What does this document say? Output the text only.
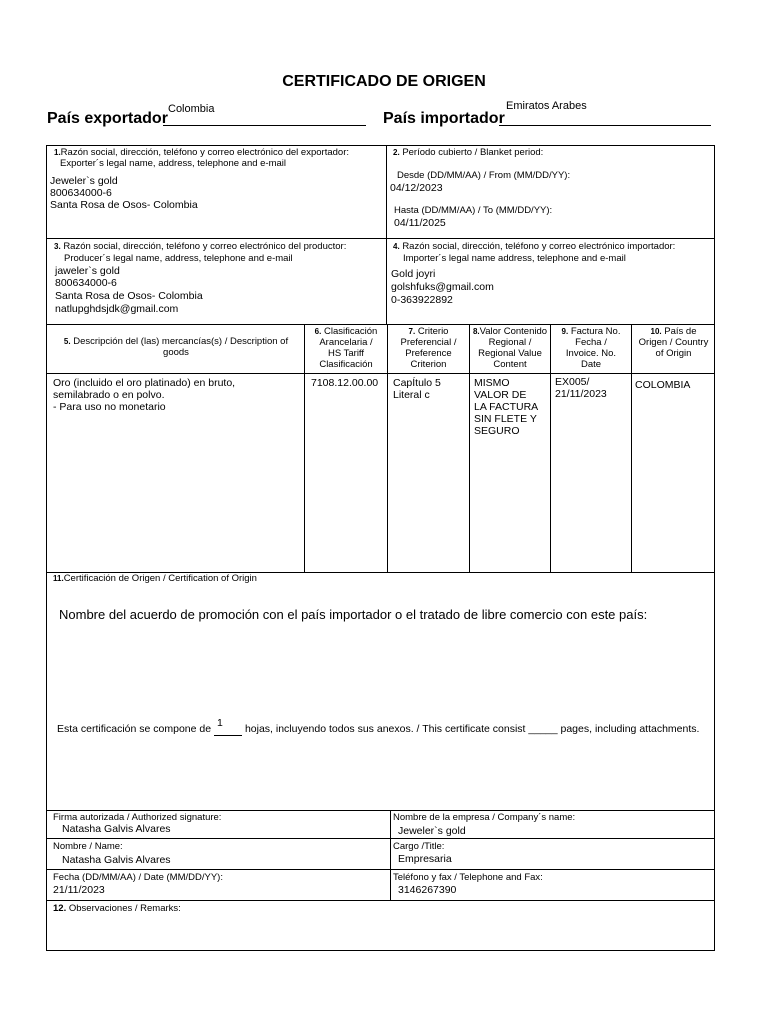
CERTIFICADO DE ORIGEN
País exportador
Colombia
País importador
Emiratos Arabes
1.Razón social, dirección, teléfono y correo electrónico del exportador:
Exporter´s legal name, address, telephone and e-mail
Jeweler`s gold
800634000-6
Santa Rosa de Osos- Colombia
2. Período cubierto / Blanket period:
Desde (DD/MM/AA) / From (MM/DD/YY):
04/12/2023
Hasta (DD/MM/AA) / To (MM/DD/YY):
04/11/2025
3. Razón social, dirección, teléfono y correo electrónico del productor:
Producer´s legal name, address, telephone and e-mail
jaweler`s gold
800634000-6
Santa Rosa de Osos- Colombia
natlupghdsjdk@gmail.com
4. Razón social, dirección, teléfono y correo electrónico importador:
Importer´s legal name address, telephone and e-mail
Gold joyri
golshfuks@gmail.com
0-363922892
5. Descripción del (las) mercancías(s) / Description of goods
6. Clasificación
Arancelaria /
HS Tariff
Clasificación
7. Criterio
Preferencial /
Preference
Criterion
8.Valor Contenido
Regional /
Regional Value
Content
9. Factura No.
Fecha /
Invoice. No.
Date
10. País de
Origen / Country
of Origin
Oro (incluido el oro platinado) en bruto,
semilabrado o en polvo.
- Para uso no monetario
7108.12.00.00 CapÍtulo 5
Literal c
MISMO
VALOR DE
LA FACTURA
SIN FLETE Y
SEGURO
EX005/
21/11/2023
COLOMBIA
11.Certificación de Origen / Certification of Origin
Nombre del acuerdo de promoción con el país importador o el tratado de libre comercio con este país:
Esta certificación se compone de 1 hojas, incluyendo todos sus anexos. / This certificate consist _____ pages, including attachments.
Firma autorizada / Authorized signature:
Natasha Galvis Alvares
Nombre de la empresa / Company´s name:
Jeweler`s gold
Nombre / Name:
Natasha Galvis Alvares
Cargo /Title:
Empresaria
Fecha (DD/MM/AA) / Date (MM/DD/YY):
21/11/2023
Teléfono y fax / Telephone and Fax:
3146267390
12. Observaciones / Remarks:
